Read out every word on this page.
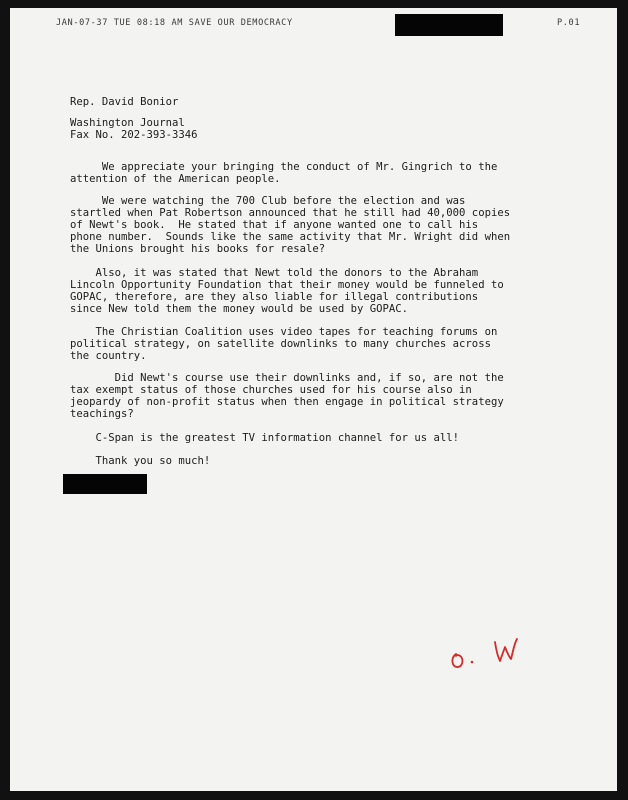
JAN-07-37 TUE 08:18 AM SAVE OUR DEMOCRACY	P.01
Rep. David Bonior
Washington Journal
Fax No. 202-393-3346
We appreciate your bringing the conduct of Mr. Gingrich to the
attention of the American people.
We were watching the 700 Club before the election and was
startled when Pat Robertson announced that he still had 40,000 copies
of Newt's book.  He stated that if anyone wanted one to call his
phone number.  Sounds like the same activity that Mr. Wright did when
the Unions brought his books for resale?
Also, it was stated that Newt told the donors to the Abraham
Lincoln Opportunity Foundation that their money would be funneled to
GOPAC, therefore, are they also liable for illegal contributions
since New told them the money would be used by GOPAC.
The Christian Coalition uses video tapes for teaching forums on
political strategy, on satellite downlinks to many churches across
the country.
Did Newt's course use their downlinks and, if so, are not the
tax exempt status of those churches used for his course also in
jeopardy of non-profit status when then engage in political strategy
teachings?
C-Span is the greatest TV information channel for us all!
Thank you so much!
